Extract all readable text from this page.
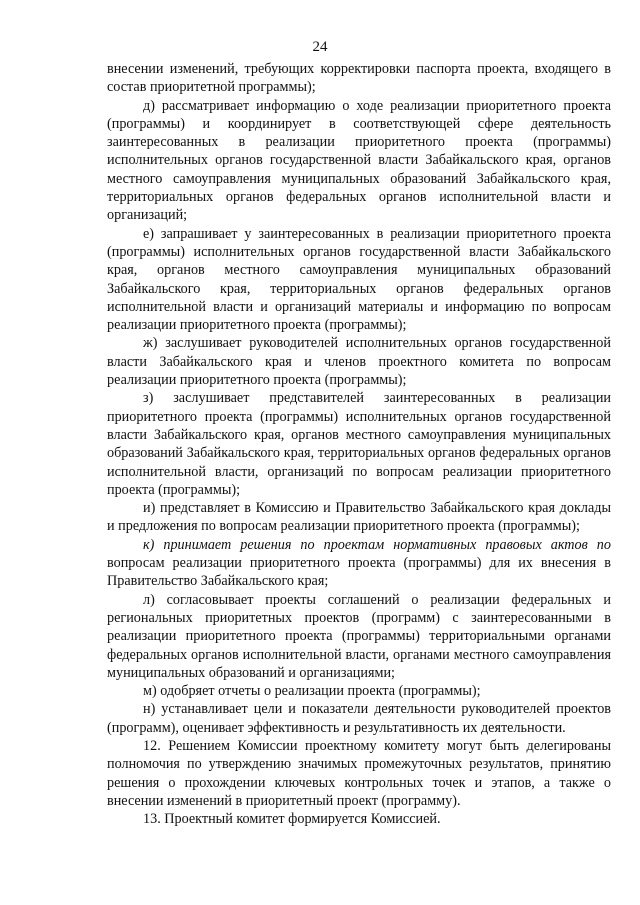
24

внесении изменений, требующих корректировки паспорта проекта, входящего в состав приоритетной программы);

д) рассматривает информацию о ходе реализации приоритетного проекта (программы) и координирует в соответствующей сфере деятельность заинтересованных в реализации приоритетного проекта (программы) исполнительных органов государственной власти Забайкальского края, органов местного самоуправления муниципальных образований Забайкальского края, территориальных органов федеральных органов исполнительной власти и организаций;

е) запрашивает у заинтересованных в реализации приоритетного проекта (программы) исполнительных органов государственной власти Забайкальского края, органов местного самоуправления муниципальных образований Забайкальского края, территориальных органов федеральных органов исполнительной власти и организаций материалы и информацию по вопросам реализации приоритетного проекта (программы);

ж) заслушивает руководителей исполнительных органов государственной власти Забайкальского края и членов проектного комитета по вопросам реализации приоритетного проекта (программы);

з) заслушивает представителей заинтересованных в реализации приоритетного проекта (программы) исполнительных органов государственной власти Забайкальского края, органов местного самоуправления муниципальных образований Забайкальского края, территориальных органов федеральных органов исполнительной власти, организаций по вопросам реализации приоритетного проекта (программы);

и) представляет в Комиссию и Правительство Забайкальского края доклады и предложения по вопросам реализации приоритетного проекта (программы);

к) принимает решения по проектам нормативных правовых актов по вопросам реализации приоритетного проекта (программы) для их внесения в Правительство Забайкальского края;

л) согласовывает проекты соглашений о реализации федеральных и региональных приоритетных проектов (программ) с заинтересованными в реализации приоритетного проекта (программы) территориальными органами федеральных органов исполнительной власти, органами местного самоуправления муниципальных образований и организациями;

м) одобряет отчеты о реализации проекта (программы);

н) устанавливает цели и показатели деятельности руководителей проектов (программ), оценивает эффективность и результативность их деятельности.

12. Решением Комиссии проектному комитету могут быть делегированы полномочия по утверждению значимых промежуточных результатов, принятию решения о прохождении ключевых контрольных точек и этапов, а также о внесении изменений в приоритетный проект (программу).

13. Проектный комитет формируется Комиссией.
